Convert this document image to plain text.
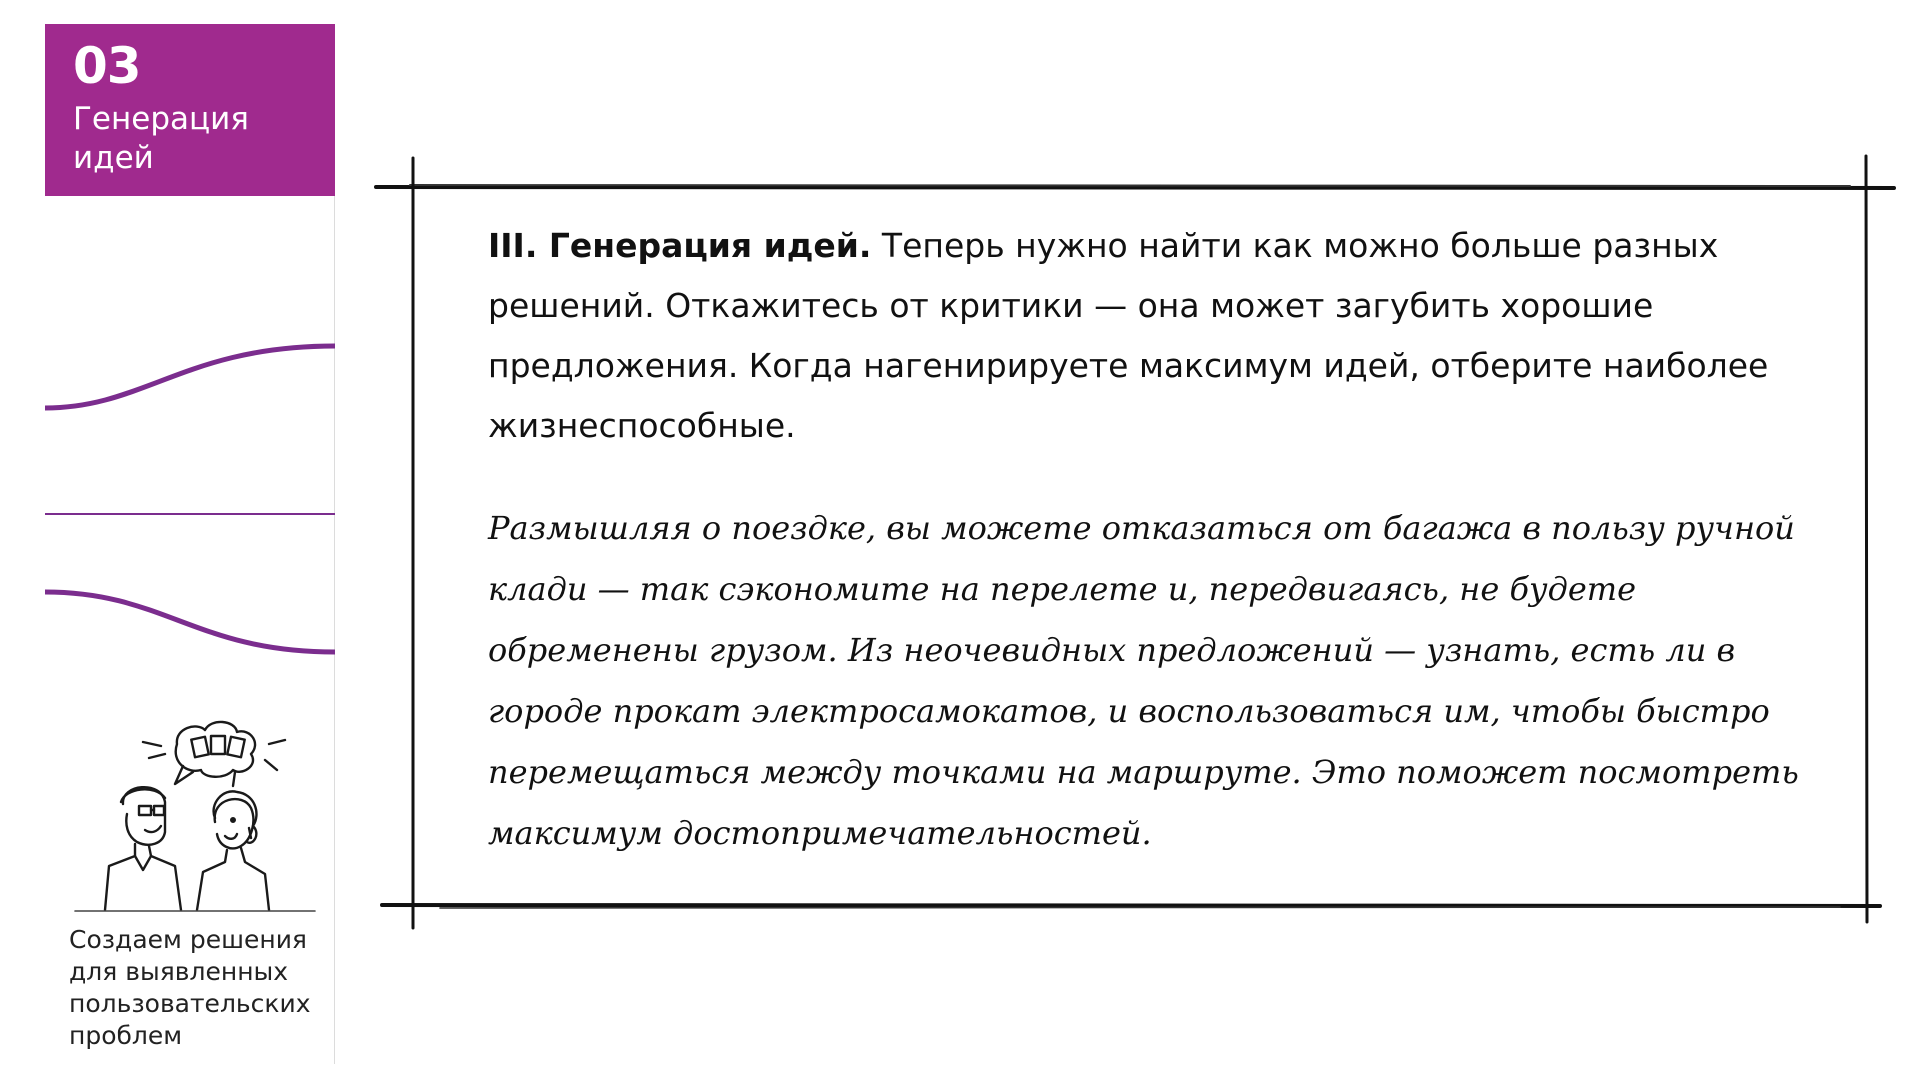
03
Генерация
идей
Создаем решения для выявленных пользовательских проблем

III. Генерация идей. Теперь нужно найти как можно больше разных решений. Откажитесь от критики — она может загубить хорошие предложения. Когда нагенирируете максимум идей, отберите наиболее жизнеспособные.

Размышляя о поездке, вы можете отказаться от багажа в пользу ручной клади — так сэкономите на перелете и, передвигаясь, не будете обременены грузом. Из неочевидных предложений — узнать, есть ли в городе прокат электросамокатов, и воспользоваться им, чтобы быстро перемещаться между точками на маршруте. Это поможет посмотреть максимум достопримечательностей.
